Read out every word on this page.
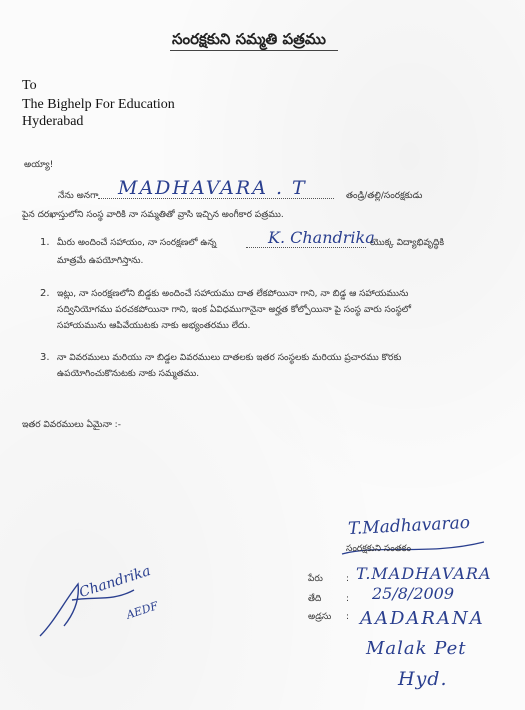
సంరక్షకుని సమ్మతి పత్రము
To
The Bighelp For Education
Hyderabad
అయ్యా!
నేను అనగా MADHAVARA . T	తండ్రి/తల్లి/సంరక్షకుడు
పైన దరఖాస్తులోని సంస్థ వారికి నా సమ్మతితో వ్రాసి ఇచ్చిన అంగీకార పత్రము.
1. మీరు అందించే సహాయం, నా సంరక్షణలో ఉన్న	K. Chandrika
యొక్క విద్యాభివృద్ధికి
మాత్రమే ఉపయోగిస్తాను.
2. ఇట్లు, నా సంరక్షణలోని బిడ్డకు అందించే సహాయము దాత లేకపోయినా గాని, నా బిడ్డ ఆ సహాయమును
సద్వినియోగము పరచకపోయినా గాని, ఇంక ఏవిధముగానైనా అర్హత కోల్పోయినా పై సంస్థ వారు సంస్థలో
సహాయమును ఆపివేయుటకు నాకు అభ్యంతరము లేదు.
3. నా వివరములు మరియు నా బిడ్డల వివరములు దాతలకు ఇతర సంస్థలకు మరియు ప్రచారము కొరకు
ఉపయోగించుకొనుటకు నాకు సమ్మతము.
ఇతర వివరములు ఏమైనా :-
T.Madhavarao
సంరక్షకుని సంతకం
పేరు	: T.MADHAVARA
తేది	: 25/8/2009
అడ్రసు : AADARANA
Malak Pet
Hyd.
Chandrika
AEDF
